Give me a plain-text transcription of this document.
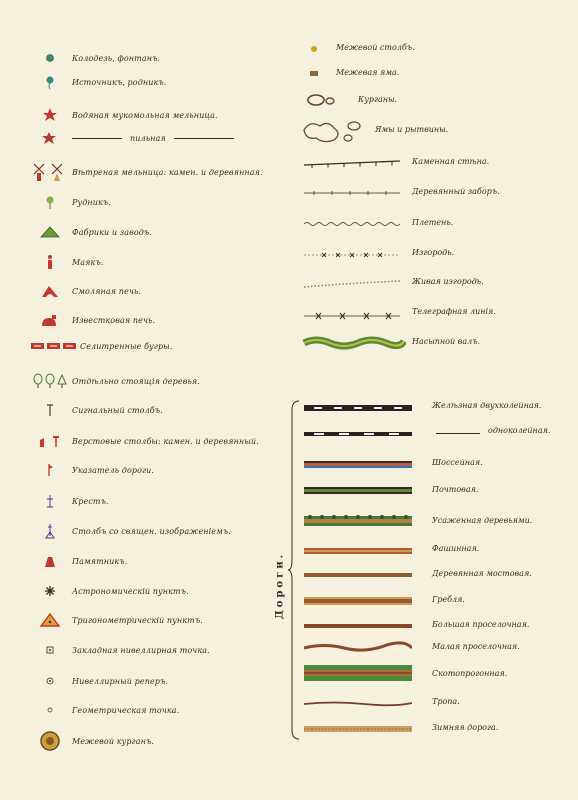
Колодезь, фонтанъ.
Источникъ, родникъ.
Водяная мукомольная мельница.
пильная
Вѣтреная мельница: камен. и деревянная.
Рудникъ.
Фабрики и заводъ.
Маякъ.
Смоляная печь.
Известковая печь.
Селитренные бугры.
Отдѣльно стоящія деревья.
Сигнальный столбъ.
Верстовые столбы: камен. и деревянный.
Указатель дороги.
Крестъ.
Столбъ со священ. изображеніемъ.
Памятникъ.
Астрономическій пунктъ.
Тригонометрическій пунктъ.
Закладная нивеллирная точка.
Нивеллирный реперъ.
Геометрическая точка.
Межевой курганъ.
Межевой столбъ.
Межевая яма.
Курганы.
Ямы и рытвины.
Каменная стѣна.
Деревянный заборъ.
Плетень.
Изгородь.
Живая изгородь.
Телеграфная линія.
Насыпной валъ.
Дороги.
Желѣзная двухколейная.
одноколейная.
Шоссейная.
Почтовая.
Усаженная деревьями.
Фашинная.
Деревянная мостовая.
Гребля.
Большая проселочная.
Малая проселочная.
Скотопрогонная.
Тропа.
Зимняя дорога.
